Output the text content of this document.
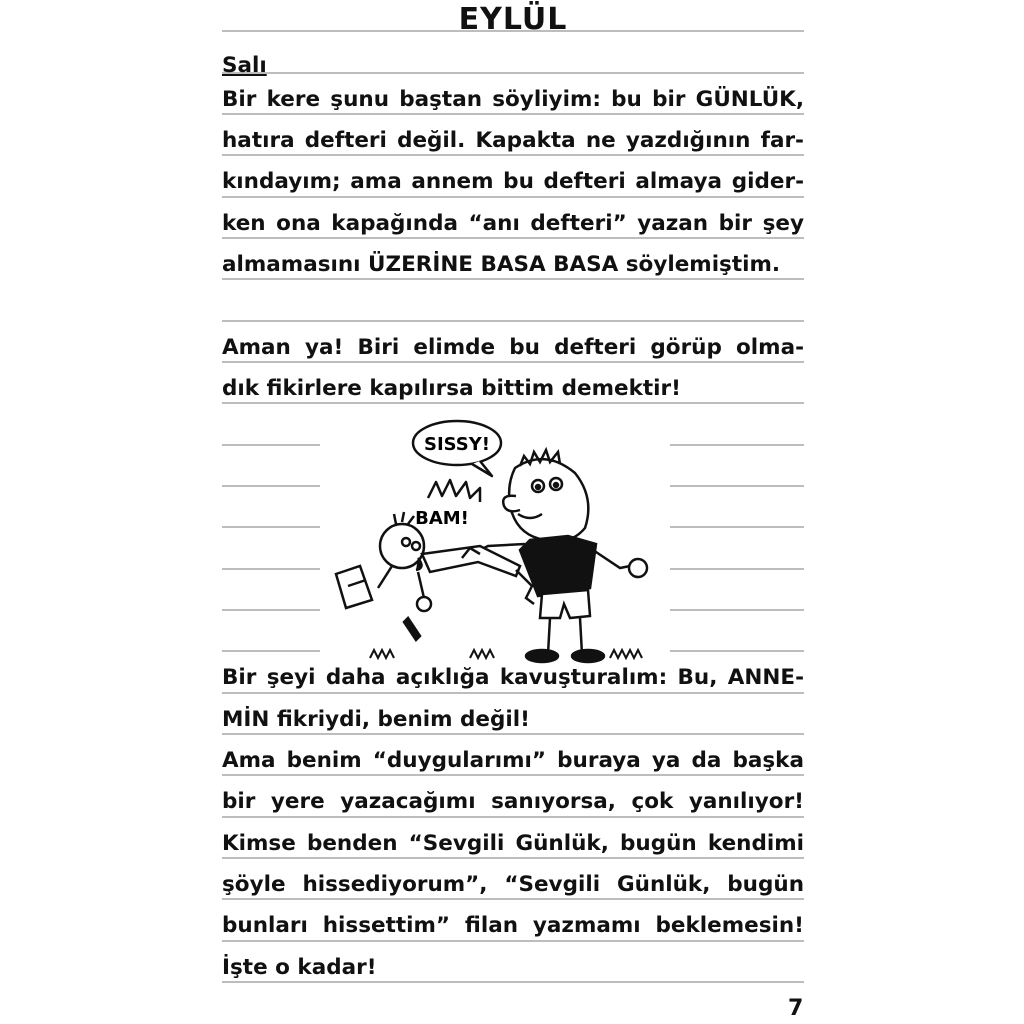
EYLÜL
Salı
Bir kere şunu baştan söyliyim: bu bir GÜNLÜK,
hatıra defteri değil. Kapakta ne yazdığının far-
kındayım; ama annem bu defteri almaya gider-
ken ona kapağında “anı defteri” yazan bir şey
almamasını ÜZERİNE BASA BASA söylemiştim.
Aman ya! Biri elimde bu defteri görüp olma-
dık fikirlere kapılırsa bittim demektir!
SISSY!
BAM!
Bir şeyi daha açıklığa kavuşturalım: Bu, ANNE-
MİN fikriydi, benim değil!
Ama benim “duygularımı” buraya ya da başka
bir yere yazacağımı sanıyorsa, çok yanılıyor!
Kimse benden “Sevgili Günlük, bugün kendimi
şöyle hissediyorum”, “Sevgili Günlük, bugün
bunları hissettim” filan yazmamı beklemesin!
İşte o kadar!
7
